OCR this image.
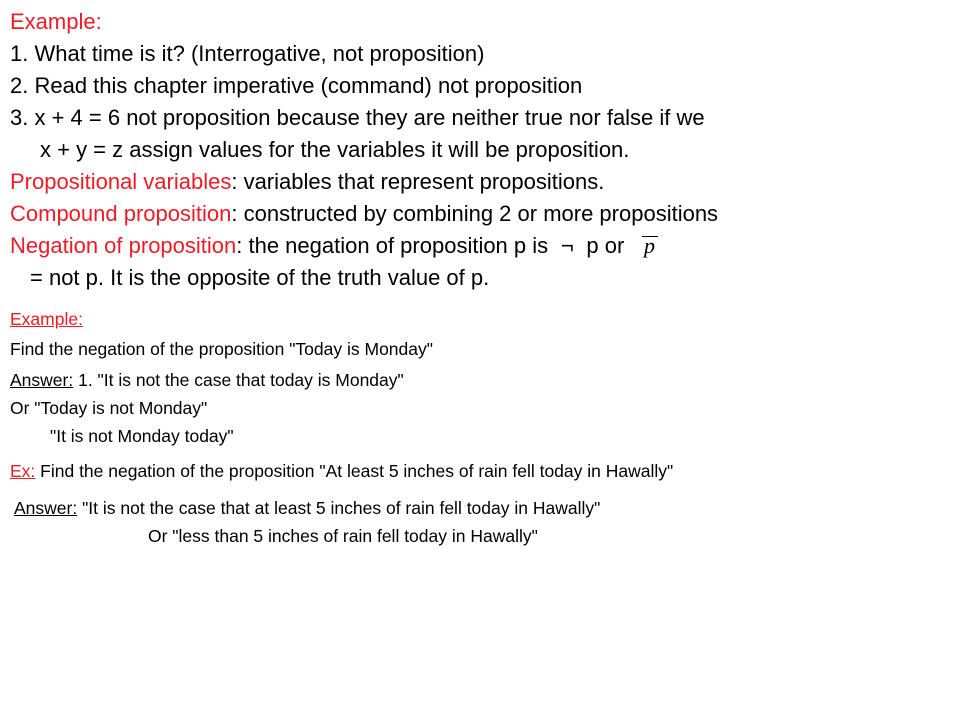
Example:
1. What time is it? (Interrogative, not proposition)
2. Read this chapter imperative (command) not proposition
3. x + 4 = 6 not proposition because they are neither true nor false if we
x + y = z assign values for the variables it will be proposition.
Propositional variables: variables that represent propositions.
Compound proposition: constructed by combining 2 or more propositions
Negation of proposition: the negation of proposition p is ¬ p or p
= not p. It is the opposite of the truth value of p.
Example:
Find the negation of the proposition "Today is Monday"
Answer: 1. "It is not the case that today is Monday"
Or "Today is not Monday"
"It is not Monday today"
Ex: Find the negation of the proposition "At least 5 inches of rain fell today in Hawally"
Answer: "It is not the case that at least 5 inches of rain fell today in Hawally"
Or "less than 5 inches of rain fell today in Hawally"
